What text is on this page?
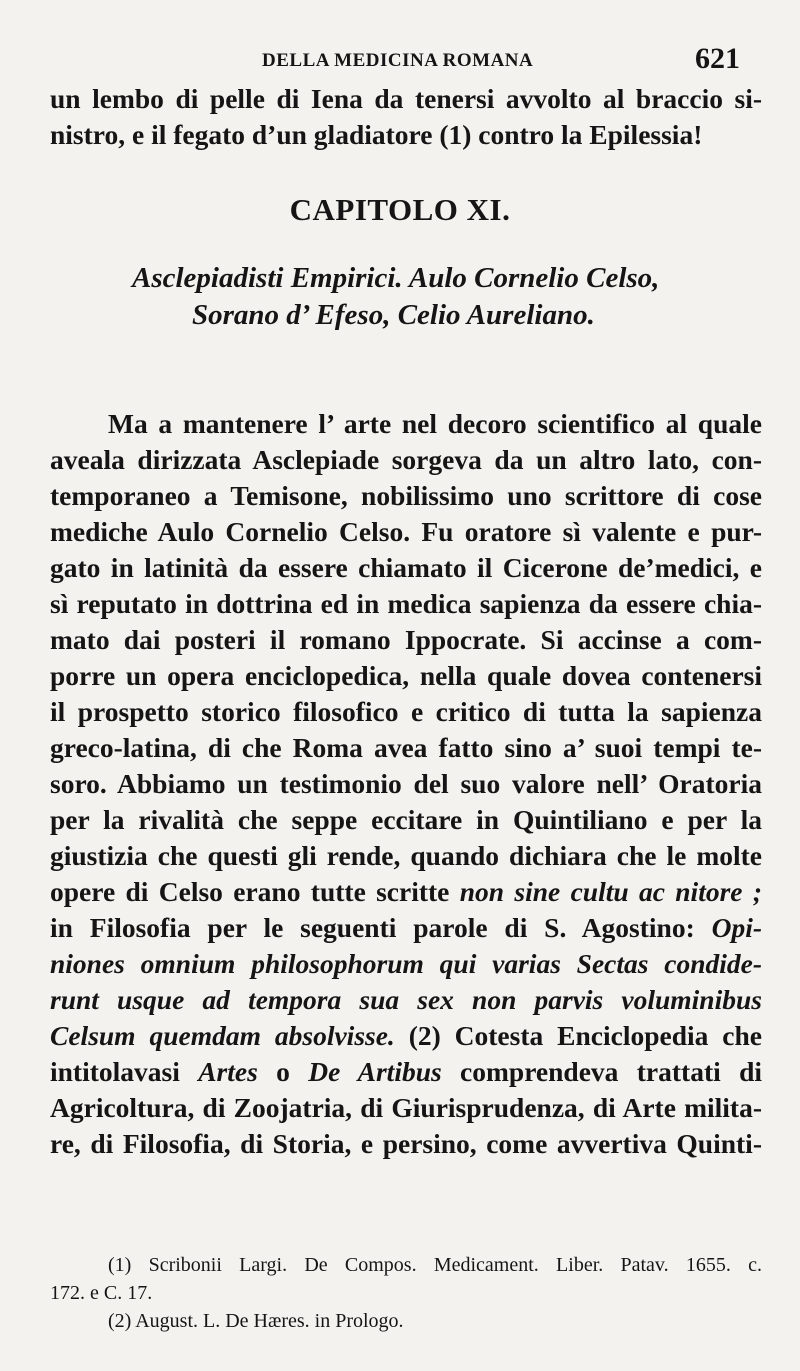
DELLA MEDICINA ROMANA	621
un lembo di pelle di Iena da tenersi avvolto al braccio si-
nistro, e il fegato d’un gladiatore (1) contro la Epilessia!
CAPITOLO XI.
Asclepiadisti Empirici. Aulo Cornelio Celso,
Sorano d’ Efeso, Celio Aureliano.
Ma a mantenere l’ arte nel decoro scientifico al quale
aveala dirizzata Asclepiade sorgeva da un altro lato, con-
temporaneo a Temisone, nobilissimo uno scrittore di cose
mediche Aulo Cornelio Celso. Fu oratore sì valente e pur-
gato in latinità da essere chiamato il Cicerone de’medici, e
sì reputato in dottrina ed in medica sapienza da essere chia-
mato dai posteri il romano Ippocrate. Si accinse a com-
porre un opera enciclopedica, nella quale dovea contenersi
il prospetto storico filosofico e critico di tutta la sapienza
greco-latina, di che Roma avea fatto sino a’ suoi tempi te-
soro. Abbiamo un testimonio del suo valore nell’ Oratoria
per la rivalità che seppe eccitare in Quintiliano e per la
giustizia che questi gli rende, quando dichiara che le molte
opere di Celso erano tutte scritte non sine cultu ac nitore ;
in Filosofia per le seguenti parole di S. Agostino: Opi-
niones omnium philosophorum qui varias Sectas condide-
runt usque ad tempora sua sex non parvis voluminibus
Celsum quemdam absolvisse. (2) Cotesta Enciclopedia che
intitolavasi Artes o De Artibus comprendeva trattati di
Agricoltura, di Zoojatria, di Giurisprudenza, di Arte milita-
re, di Filosofia, di Storia, e persino, come avvertiva Quinti-
(1) Scribonii Largi. De Compos. Medicament. Liber. Patav. 1655. c.
172. e C. 17.
(2) August. L. De Hæres. in Prologo.
